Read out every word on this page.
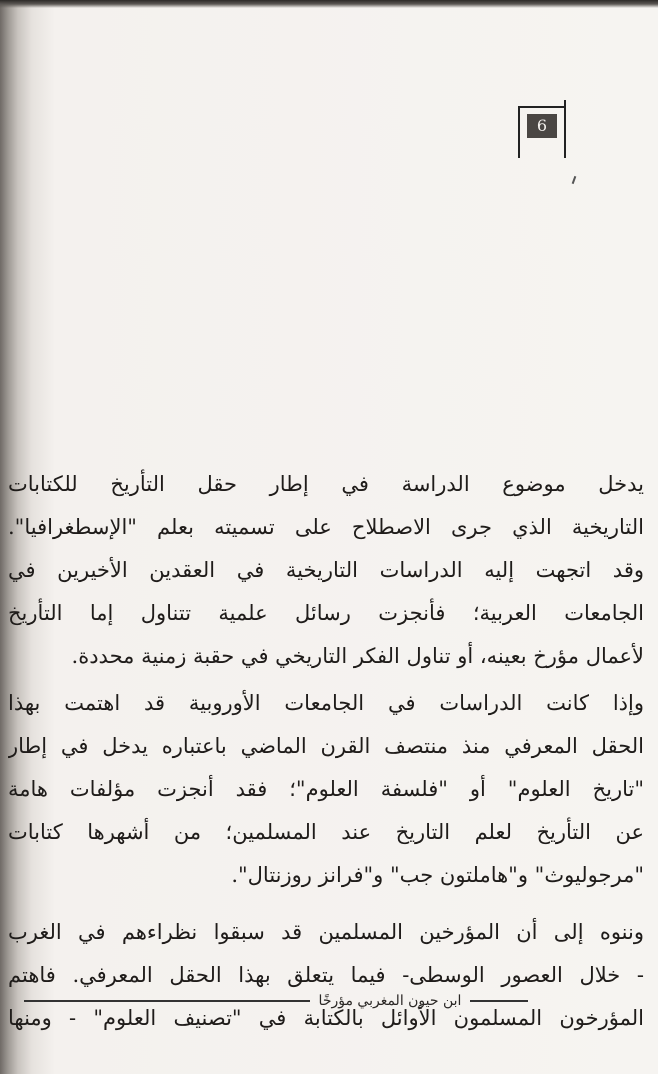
6
يدخل موضوع الدراسة في إطار حقل التأريخ للكتابات
التاريخية الذي جرى الاصطلاح على تسميته بعلم "الإسطغرافيا".
وقد اتجهت إليه الدراسات التاريخية في العقدين الأخيرين في
الجامعات العربية؛ فأنجزت رسائل علمية تتناول إما التأريخ
لأعمال مؤرخ بعينه، أو تناول الفكر التاريخي في حقبة زمنية محددة.
وإذا كانت الدراسات في الجامعات الأوروبية قد اهتمت بهذا
الحقل المعرفي منذ منتصف القرن الماضي باعتباره يدخل في إطار
"تاريخ العلوم" أو "فلسفة العلوم"؛ فقد أنجزت مؤلفات هامة
عن التأريخ لعلم التاريخ عند المسلمين؛ من أشهرها كتابات
"مرجوليوث" و"هاملتون جب" و"فرانز روزنتال".
وننوه إلى أن المؤرخين المسلمين قد سبقوا نظراءهم في الغرب
- خلال العصور الوسطى- فيما يتعلق بهذا الحقل المعرفي. فاهتم
المؤرخون المسلمون الأوائل بالكتابة في "تصنيف العلوم" - ومنها
ابن حيون المغربي مؤرخًا
